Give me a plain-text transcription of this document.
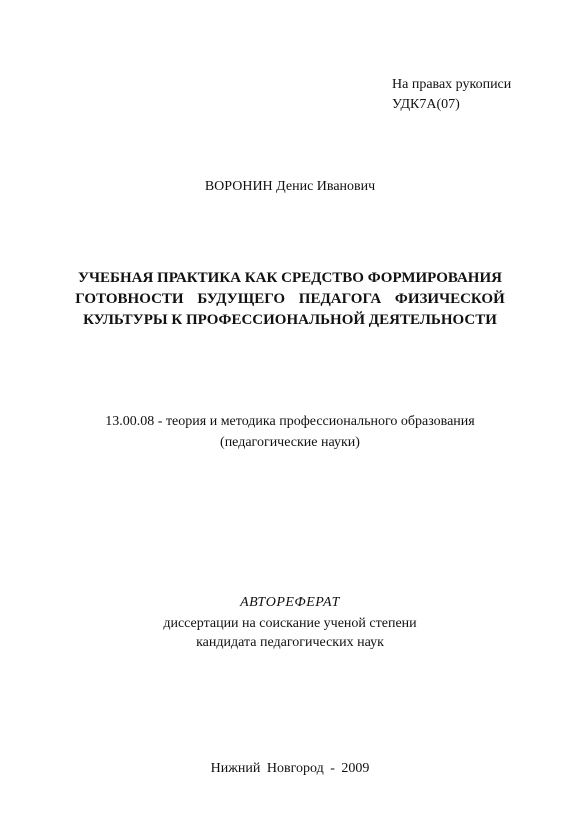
На правах рукописи
УДК7А(07)
ВОРОНИН Денис Иванович
УЧЕБНАЯ ПРАКТИКА КАК СРЕДСТВО ФОРМИРОВАНИЯ
ГОТОВНОСТИ БУДУЩЕГО ПЕДАГОГА ФИЗИЧЕСКОЙ
КУЛЬТУРЫ К ПРОФЕССИОНАЛЬНОЙ ДЕЯТЕЛЬНОСТИ
13.00.08 - теория и методика профессионального образования
(педагогические науки)
АВТОРЕФЕРАТ
диссертации на соискание ученой степени
кандидата педагогических наук
Нижний Новгород - 2009
